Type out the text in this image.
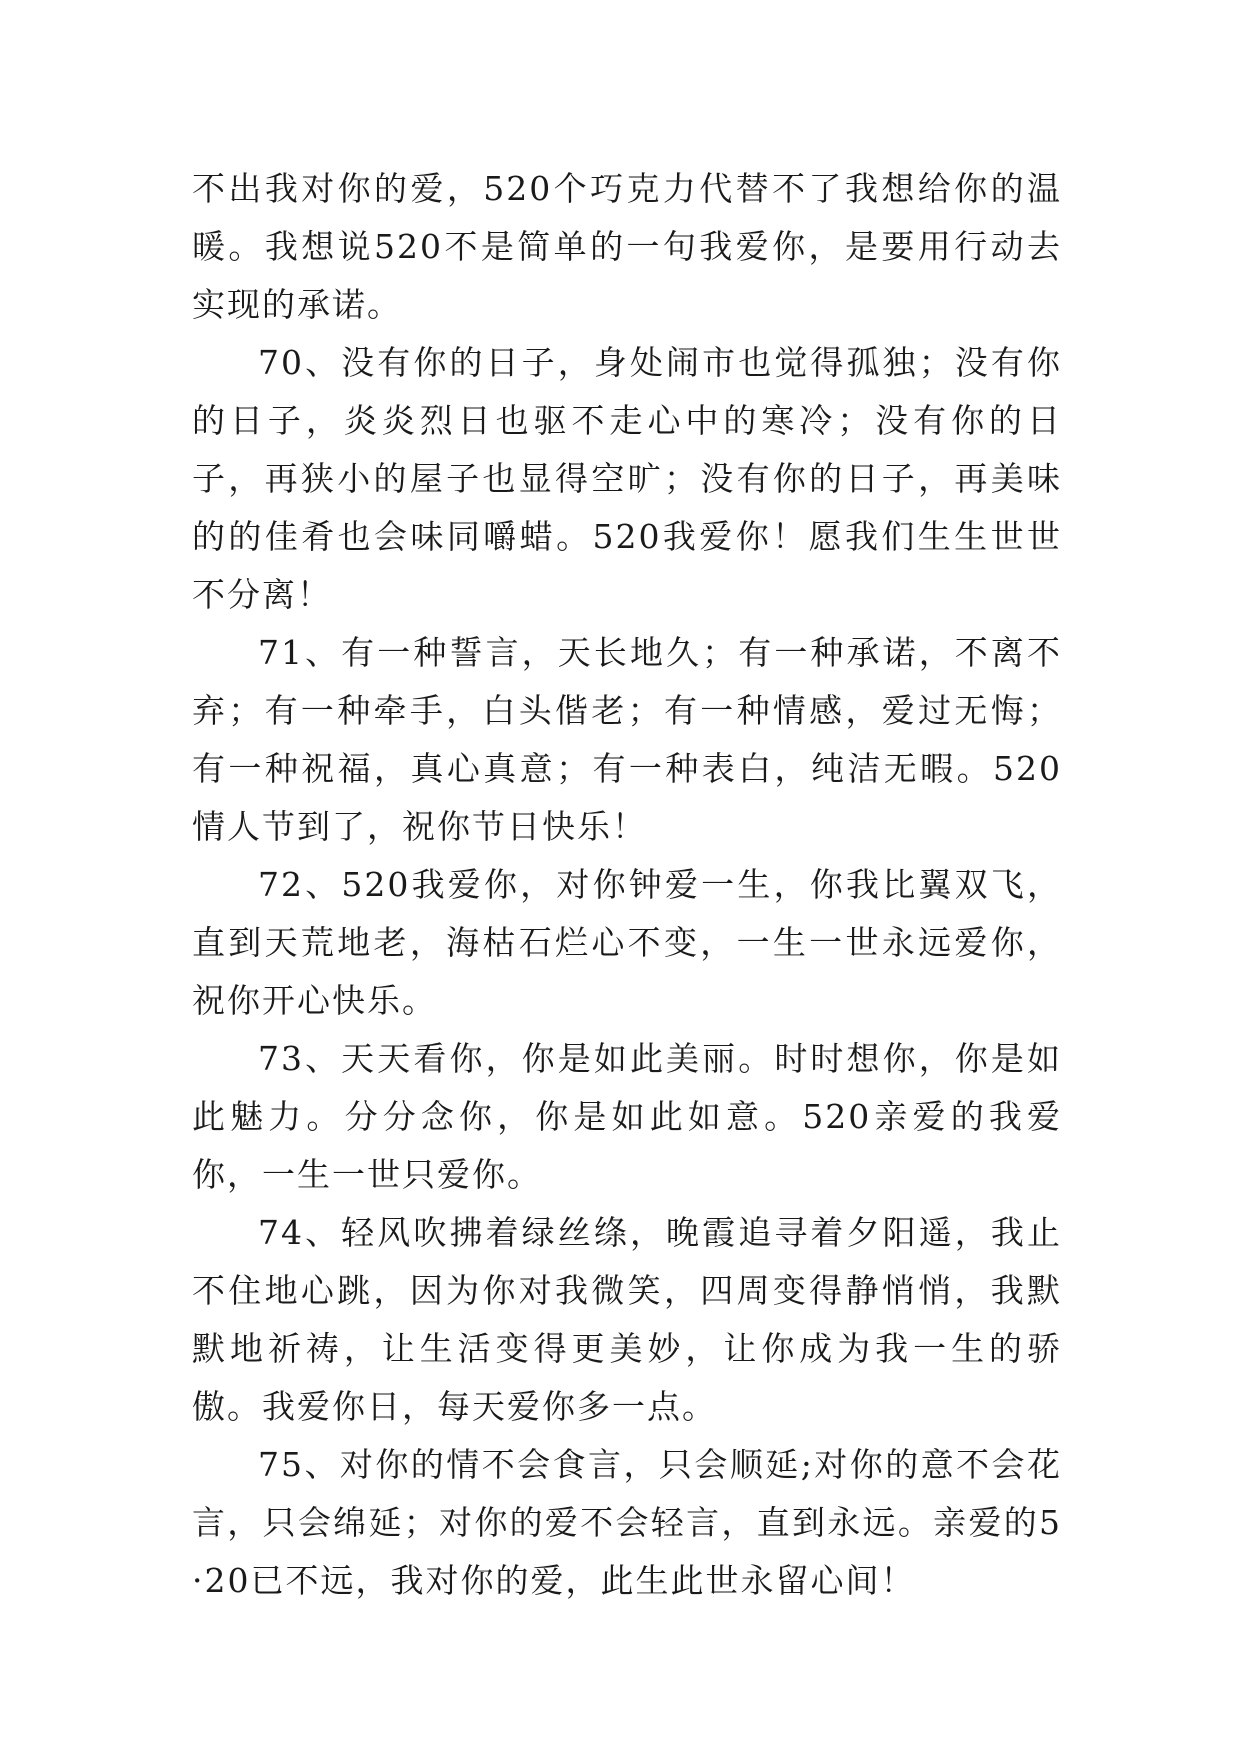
不出我对你的爱，520个巧克力代替不了我想给你的温暖。我想说520不是简单的一句我爱你，是要用行动去实现的承诺。

70、没有你的日子，身处闹市也觉得孤独；没有你的日子，炎炎烈日也驱不走心中的寒冷；没有你的日子，再狭小的屋子也显得空旷；没有你的日子，再美味的的佳肴也会味同嚼蜡。520我爱你！愿我们生生世世不分离！

71、有一种誓言，天长地久；有一种承诺，不离不弃；有一种牵手，白头偕老；有一种情感，爱过无悔；有一种祝福，真心真意；有一种表白，纯洁无暇。520情人节到了，祝你节日快乐！

72、520我爱你，对你钟爱一生，你我比翼双飞，直到天荒地老，海枯石烂心不变，一生一世永远爱你，祝你开心快乐。

73、天天看你，你是如此美丽。时时想你，你是如此魅力。分分念你，你是如此如意。520亲爱的我爱你，一生一世只爱你。

74、轻风吹拂着绿丝绦，晚霞追寻着夕阳遥，我止不住地心跳，因为你对我微笑，四周变得静悄悄，我默默地祈祷，让生活变得更美妙，让你成为我一生的骄傲。我爱你日，每天爱你多一点。

75、对你的情不会食言，只会顺延;对你的意不会花言，只会绵延；对你的爱不会轻言，直到永远。亲爱的5·20已不远，我对你的爱，此生此世永留心间！
